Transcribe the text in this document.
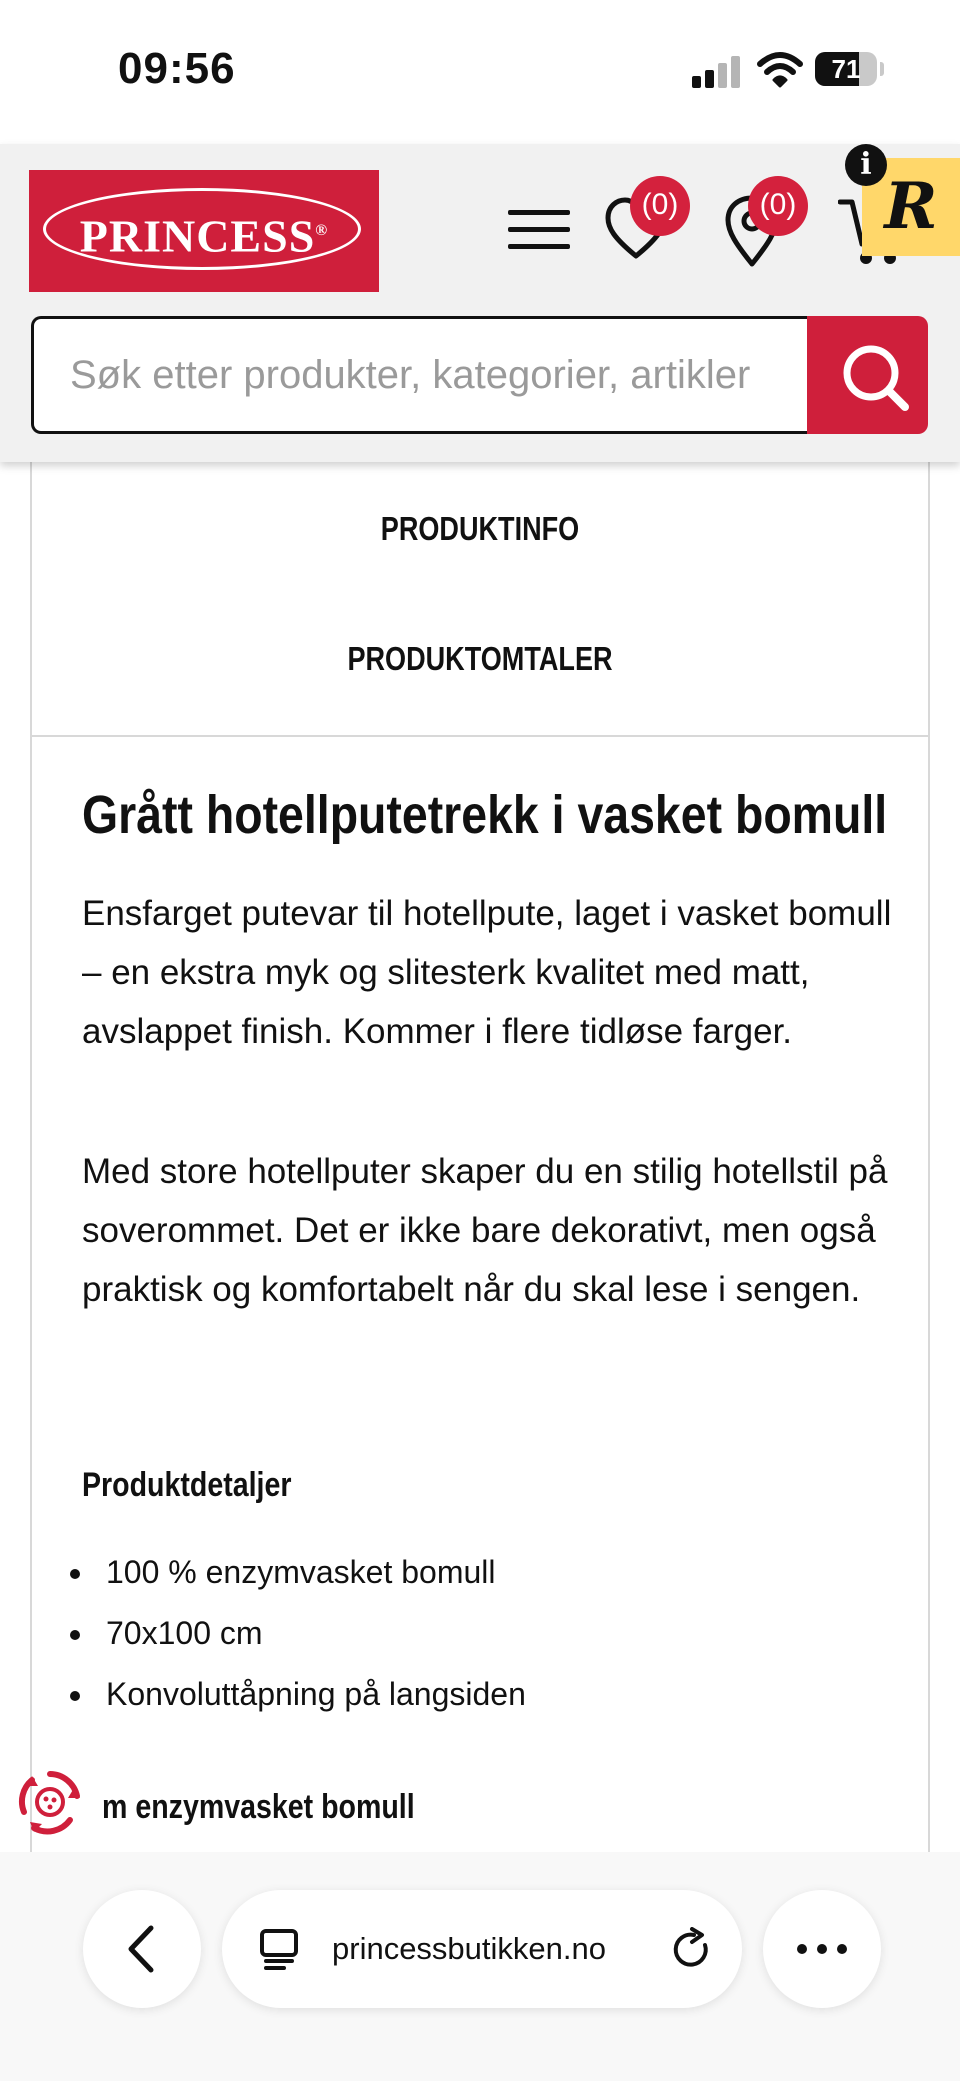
09:56	71
PRINCESS®
(0)	(0)	R
i
Søk etter produkter, kategorier, artikler
PRODUKTINFO
PRODUKTOMTALER
Grått hotellputetrekk i vasket bomull

Ensfarget putevar til hotellpute, laget i vasket bomull – en ekstra myk og slitesterk kvalitet med matt, avslappet finish. Kommer i flere tidløse farger.

Med store hotellputer skaper du en stilig hotellstil på soverommet. Det er ikke bare dekorativt, men også praktisk og komfortabelt når du skal lese i sengen.

Produktdetaljer
100 % enzymvasket bomull
70x100 cm
Konvoluttåpning på langsiden
m enzymvasket bomull
princessbutikken.no
